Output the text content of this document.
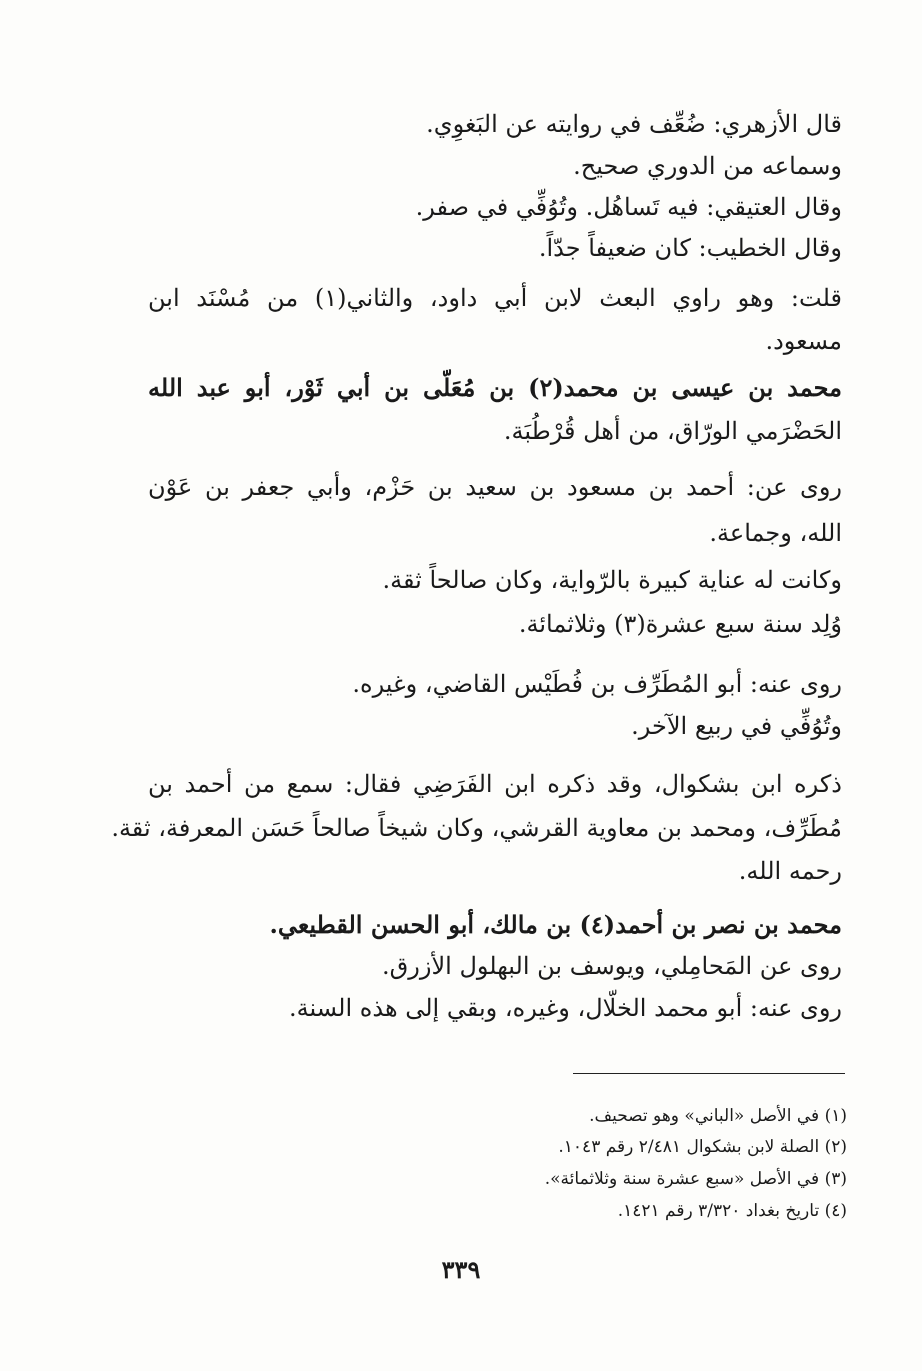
قال الأزهري: ضُعِّف في روايته عن البَغوِي.
وسماعه من الدوري صحيح.
وقال العتيقي: فيه تَساهُل. وتُوُفِّي في صفر.
وقال الخطيب: كان ضعيفاً جدّاً.
قلت: وهو راوي البعث لابن أبي داود، والثاني(١) من مُسْنَد ابن
مسعود.
محمد بن عيسى بن محمد(٢) بن مُعَلّى بن أبي ثَوْر، أبو عبد الله
الحَضْرَمي الورّاق، من أهل قُرْطُبَة.
روى عن: أحمد بن مسعود بن سعيد بن حَزْم، وأبي جعفر بن عَوْن
الله، وجماعة.
وكانت له عناية كبيرة بالرّواية، وكان صالحاً ثقة.
وُلِد سنة سبع عشرة(٣) وثلاثمائة.
روى عنه: أبو المُطَرِّف بن فُطَيْس القاضي، وغيره.
وتُوُفِّي في ربيع الآخر.
ذكره ابن بشكوال، وقد ذكره ابن الفَرَضِي فقال: سمع من أحمد بن
مُطَرِّف، ومحمد بن معاوية القرشي، وكان شيخاً صالحاً حَسَن المعرفة، ثقة.
رحمه الله.
محمد بن نصر بن أحمد(٤) بن مالك، أبو الحسن القطيعي.
روى عن المَحامِلي، ويوسف بن البهلول الأزرق.
روى عنه: أبو محمد الخلّال، وغيره، وبقي إلى هذه السنة.
(١) في الأصل «الباني» وهو تصحيف.
(٢) الصلة لابن بشكوال ٢/٤٨١ رقم ١٠٤٣.
(٣) في الأصل «سبع عشرة سنة وثلاثمائة».
(٤) تاريخ بغداد ٣/٣٢٠ رقم ١٤٢١.
٣٣٩
